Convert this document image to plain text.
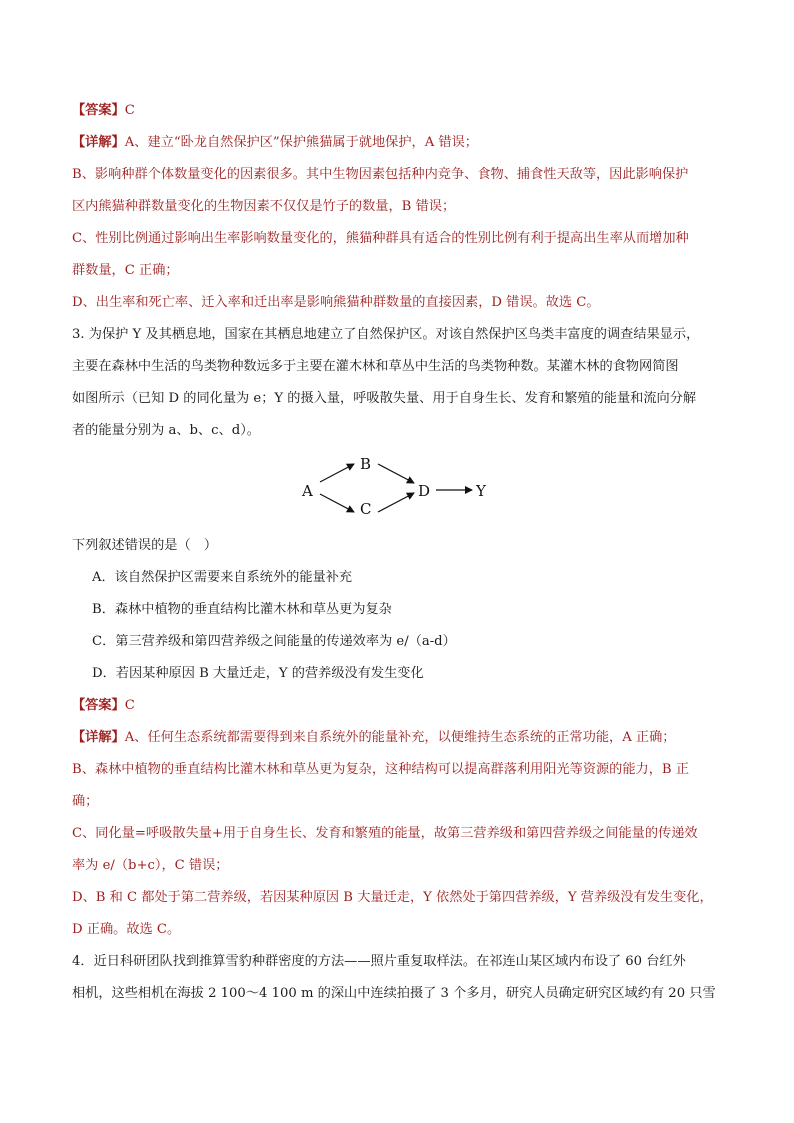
【答案】C
【详解】A、建立“卧龙自然保护区”保护熊猫属于就地保护，A 错误；
B、影响种群个体数量变化的因素很多。其中生物因素包括种内竞争、食物、捕食性天敌等，因此影响保护
区内熊猫种群数量变化的生物因素不仅仅是竹子的数量，B 错误；
C、性别比例通过影响出生率影响数量变化的，熊猫种群具有适合的性别比例有利于提高出生率从而增加种
群数量，C 正确；
D、出生率和死亡率、迁入率和迁出率是影响熊猫种群数量的直接因素，D 错误。故选 C。
3. 为保护 Y 及其栖息地，国家在其栖息地建立了自然保护区。对该自然保护区鸟类丰富度的调查结果显示，
主要在森林中生活的鸟类物种数远多于主要在灌木林和草丛中生活的鸟类物种数。某灌木林的食物网简图
如图所示（已知 D 的同化量为 e；Y 的摄入量，呼吸散失量、用于自身生长、发育和繁殖的能量和流向分解
者的能量分别为 a、b、c、d）。
A
B
C
D	Y
下列叙述错误的是（　）
A．该自然保护区需要来自系统外的能量补充
B．森林中植物的垂直结构比灌木林和草丛更为复杂
C．第三营养级和第四营养级之间能量的传递效率为 e/（a-d）
D．若因某种原因 B 大量迁走，Y 的营养级没有发生变化
【答案】C
【详解】A、任何生态系统都需要得到来自系统外的能量补充，以便维持生态系统的正常功能，A 正确；
B、森林中植物的垂直结构比灌木林和草丛更为复杂，这种结构可以提高群落利用阳光等资源的能力，B 正
确；
C、同化量=呼吸散失量+用于自身生长、发育和繁殖的能量，故第三营养级和第四营养级之间能量的传递效
率为 e/（b+c），C 错误；
D、B 和 C 都处于第二营养级，若因某种原因 B 大量迁走，Y 依然处于第四营养级，Y 营养级没有发生变化，
D 正确。故选 C。
4．近日科研团队找到推算雪豹种群密度的方法——照片重复取样法。在祁连山某区域内布设了 60 台红外
相机，这些相机在海拔 2 100～4 100 m 的深山中连续拍摄了 3 个多月，研究人员确定研究区域约有 20 只雪
